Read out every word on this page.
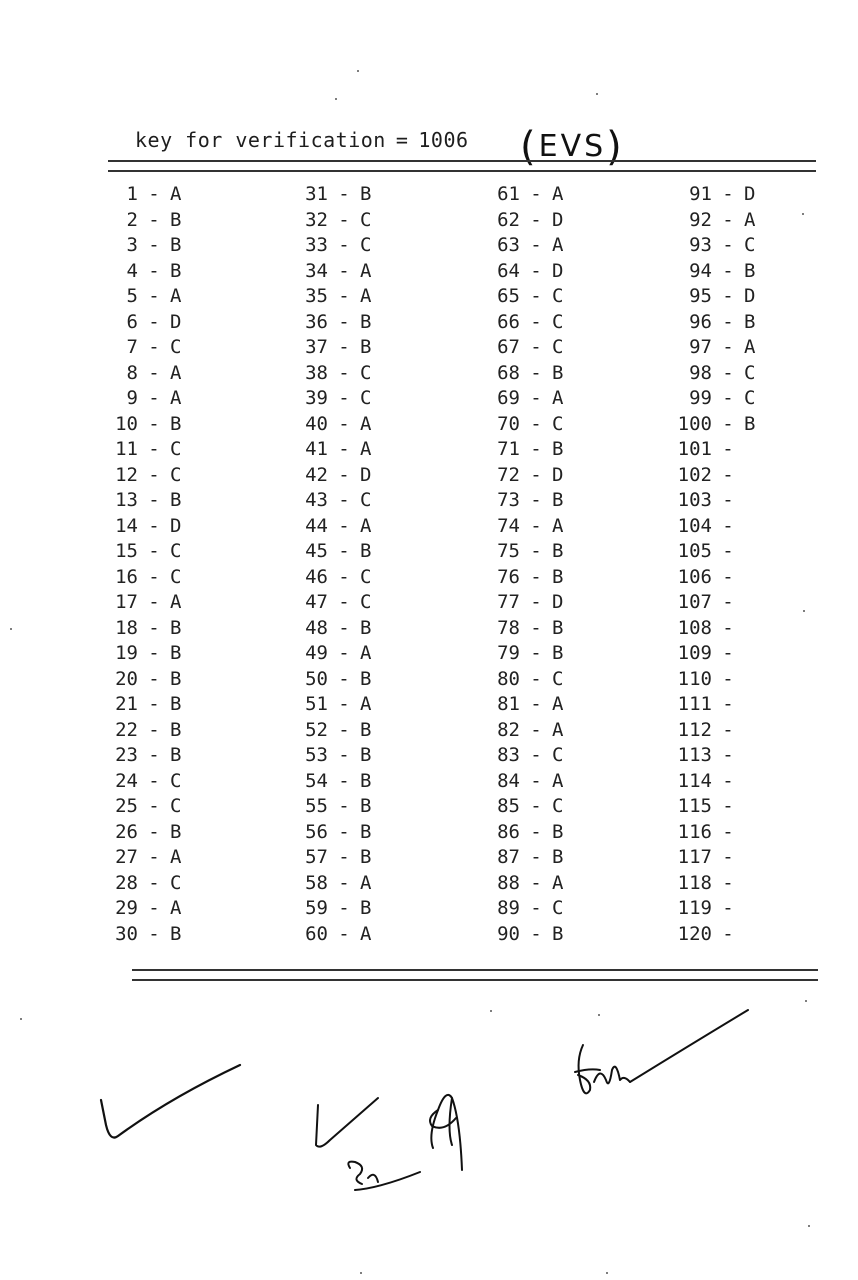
key for verification = 1006 (EVS)
1 - A
2 - B
3 - B
4 - B
5 - A
6 - D
7 - C
8 - A
9 - A
10 - B
11 - C
12 - C
13 - B
14 - D
15 - C
16 - C
17 - A
18 - B
19 - B
20 - B
21 - B
22 - B
23 - B
24 - C
25 - C
26 - B
27 - A
28 - C
29 - A
30 - B
31 - B
32 - C
33 - C
34 - A
35 - A
36 - B
37 - B
38 - C
39 - C
40 - A
41 - A
42 - D
43 - C
44 - A
45 - B
46 - C
47 - C
48 - B
49 - A
50 - B
51 - A
52 - B
53 - B
54 - B
55 - B
56 - B
57 - B
58 - A
59 - B
60 - A
61 - A
62 - D
63 - A
64 - D
65 - C
66 - C
67 - C
68 - B
69 - A
70 - C
71 - B
72 - D
73 - B
74 - A
75 - B
76 - B
77 - D
78 - B
79 - B
80 - C
81 - A
82 - A
83 - C
84 - A
85 - C
86 - B
87 - B
88 - A
89 - C
90 - B
91 - D
92 - A
93 - C
94 - B
95 - D
96 - B
97 - A
98 - C
99 - C
100 - B
101 -
102 -
103 -
104 -
105 -
106 -
107 -
108 -
109 -
110 -
111 -
112 -
113 -
114 -
115 -
116 -
117 -
118 -
119 -
120 -
